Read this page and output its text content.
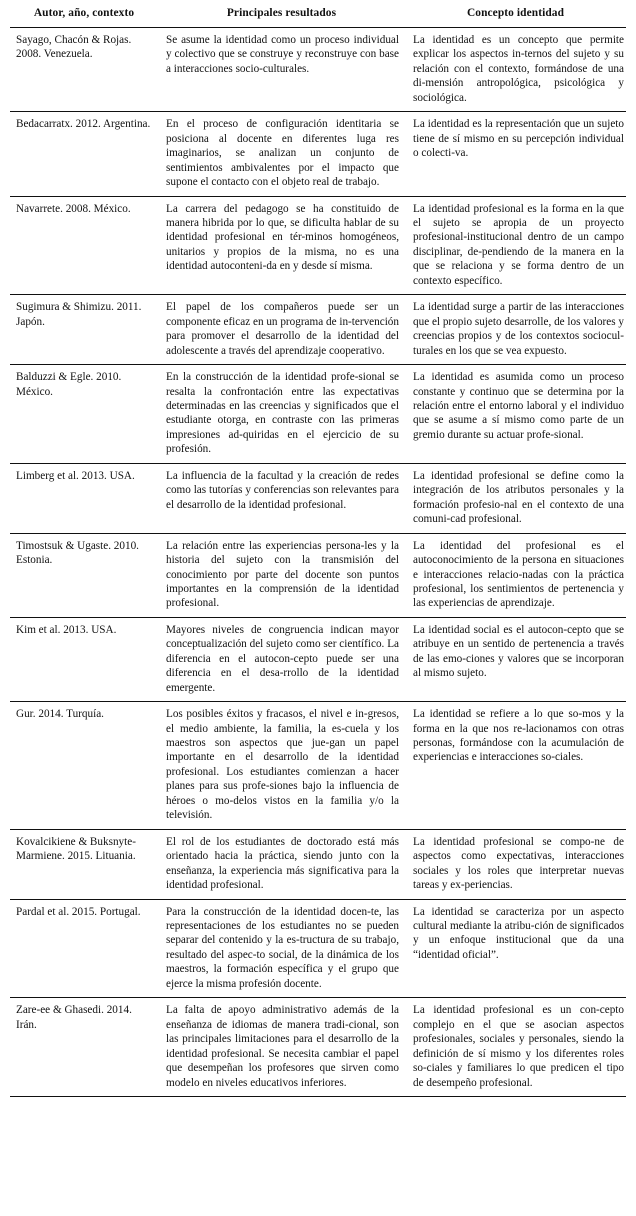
Autor, año, contexto	Principales resultados	Concepto identidad
Sayago, Chacón & Rojas. 2008. Venezuela.	Se asume la identidad como un proceso individual y colectivo que se construye y reconstruye con base a interacciones socio-culturales.	La identidad es un concepto que permite explicar los aspectos in-ternos del sujeto y su relación con el contexto, formándose de una di-mensión antropológica, psicológica y sociológica.
Bedacarratx. 2012. Argentina.	En el proceso de configuración identitaria se posiciona al docente en diferentes luga res imaginarios, se analizan un conjunto de sentimientos ambivalentes por el impacto que supone el contacto con el objeto real de trabajo.	La identidad es la representación que un sujeto tiene de sí mismo en su percepción individual o colecti-va.
Navarrete. 2008. México.	La carrera del pedagogo se ha constituido de manera hibrida por lo que, se dificulta hablar de su identidad profesional en tér-minos homogéneos, unitarios y propios de la misma, no es una identidad autoconteni-da en y desde sí misma.	La identidad profesional es la forma en la que el sujeto se apropia de un proyecto profesional-institucional dentro de un campo disciplinar, de-pendiendo de la manera en la que se relaciona y se forma dentro de un contexto específico.
Sugimura & Shimizu. 2011. Japón.	El papel de los compañeros puede ser un componente eficaz en un programa de in-tervención para promover el desarrollo de la identidad del adolescente a través del aprendizaje cooperativo.	La identidad surge a partir de las interacciones que el propio sujeto desarrolle, de los valores y creencias propios y de los contextos sociocul-turales en los que se vea expuesto.
Balduzzi & Egle. 2010. México.	En la construcción de la identidad profe-sional se resalta la confrontación entre las expectativas determinadas en las creencias y significados que el estudiante otorga, en contraste con las primeras impresiones ad-quiridas en el ejercicio de su profesión.	La identidad es asumida como un proceso constante y continuo que se determina por la relación entre el entorno laboral y el individuo que se asume a sí mismo como parte de un gremio durante su actuar profe-sional.
Limberg et al. 2013. USA.	La influencia de la facultad y la creación de redes como las tutorías y conferencias son relevantes para el desarrollo de la identidad profesional.	La identidad profesional se define como la integración de los atributos personales y la formación profesio-nal en el contexto de una comuni-cad profesional.
Timostsuk & Ugaste. 2010. Estonia.	La relación entre las experiencias persona-les y la historia del sujeto con la transmisión del conocimiento por parte del docente son puntos importantes en la comprensión de la identidad profesional.	La identidad del profesional es el autoconocimiento de la persona en situaciones e interacciones relacio-nadas con la práctica profesional, los sentimientos de pertenencia y las experiencias de aprendizaje.
Kim et al. 2013. USA.	Mayores niveles de congruencia indican mayor conceptualización del sujeto como ser científico. La diferencia en el autocon-cepto puede ser una diferencia en el desa-rrollo de la identidad emergente.	La identidad social es el autocon-cepto que se atribuye en un sentido de pertenencia a través de las emo-ciones y valores que se incorporan al mismo sujeto.
Gur. 2014. Turquía.	Los posibles éxitos y fracasos, el nivel e in-gresos, el medio ambiente, la familia, la es-cuela y los maestros son aspectos que jue-gan un papel importante en el desarrollo de la identidad profesional. Los estudiantes comienzan a hacer planes para sus profe-siones bajo la influencia de héroes o mo-delos vistos en la familia y/o la televisión.	La identidad se refiere a lo que so-mos y la forma en la que nos re-lacionamos con otras personas, formándose con la acumulación de experiencias e interacciones so-ciales.
Kovalcikiene & Buksnyte-Marmiene. 2015. Lituania.	El rol de los estudiantes de doctorado está más orientado hacia la práctica, siendo junto con la enseñanza, la experiencia más significativa para la identidad profesional.	La identidad profesional se compo-ne de aspectos como expectativas, interacciones sociales y los roles que interpretar nuevas tareas y ex-periencias.
Pardal et al. 2015. Portugal.	Para la construcción de la identidad docen-te, las representaciones de los estudiantes no se pueden separar del contenido y la es-tructura de su trabajo, resultado del aspec-to social, de la dinámica de los maestros, la formación específica y el grupo que ejerce la misma profesión docente.	La identidad se caracteriza por un aspecto cultural mediante la atribu-ción de significados y un enfoque institucional que da una “identidad oficial”.
Zare-ee & Ghasedi. 2014. Irán.	La falta de apoyo administrativo además de la enseñanza de idiomas de manera tradi-cional, son las principales limitaciones para el desarrollo de la identidad profesional. Se necesita cambiar el papel que desempeñan los profesores que sirven como modelo en niveles educativos inferiores.	La identidad profesional es un con-cepto complejo en el que se asocian aspectos profesionales, sociales y personales, siendo la definición de sí mismo y los diferentes roles so-ciales y familiares lo que predicen el tipo de desempeño profesional.
